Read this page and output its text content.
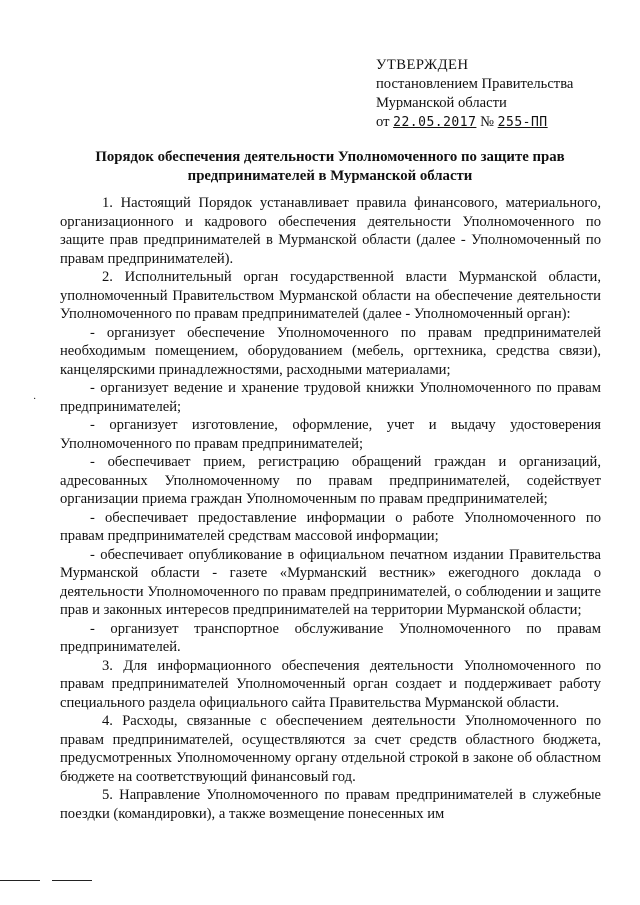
УТВЕРЖДЕН
постановлением Правительства
Мурманской области
от 22.05.2017 № 255-ПП
Порядок обеспечения деятельности Уполномоченного по защите прав предпринимателей в Мурманской области
·

1. Настоящий Порядок устанавливает правила финансового, материального, организационного и кадрового обеспечения деятельности Уполномоченного по защите прав предпринимателей в Мурманской области (далее - Уполномоченный по правам предпринимателей).

2. Исполнительный орган государственной власти Мурманской области, уполномоченный Правительством Мурманской области на обеспечение деятельности Уполномоченного по правам предпринимателей (далее - Уполномоченный орган):

- организует обеспечение Уполномоченного по правам предпринимателей необходимым помещением, оборудованием (мебель, оргтехника, средства связи), канцелярскими принадлежностями, расходными материалами;

- организует ведение и хранение трудовой книжки Уполномоченного по правам предпринимателей;

- организует изготовление, оформление, учет и выдачу удостоверения Уполномоченного по правам предпринимателей;

- обеспечивает прием, регистрацию обращений граждан и организаций, адресованных Уполномоченному по правам предпринимателей, содействует организации приема граждан Уполномоченным по правам предпринимателей;

- обеспечивает предоставление информации о работе Уполномоченного по правам предпринимателей средствам массовой информации;

- обеспечивает опубликование в официальном печатном издании Правительства Мурманской области - газете «Мурманский вестник» ежегодного доклада о деятельности Уполномоченного по правам предпринимателей, о соблюдении и защите прав и законных интересов предпринимателей на территории Мурманской области;

- организует транспортное обслуживание Уполномоченного по правам предпринимателей.

3. Для информационного обеспечения деятельности Уполномоченного по правам предпринимателей Уполномоченный орган создает и поддерживает работу специального раздела официального сайта Правительства Мурманской области.

4. Расходы, связанные с обеспечением деятельности Уполномоченного по правам предпринимателей, осуществляются за счет средств областного бюджета, предусмотренных Уполномоченному органу отдельной строкой в законе об областном бюджете на соответствующий финансовый год.

5. Направление Уполномоченного по правам предпринимателей в служебные поездки (командировки), а также возмещение понесенных им
